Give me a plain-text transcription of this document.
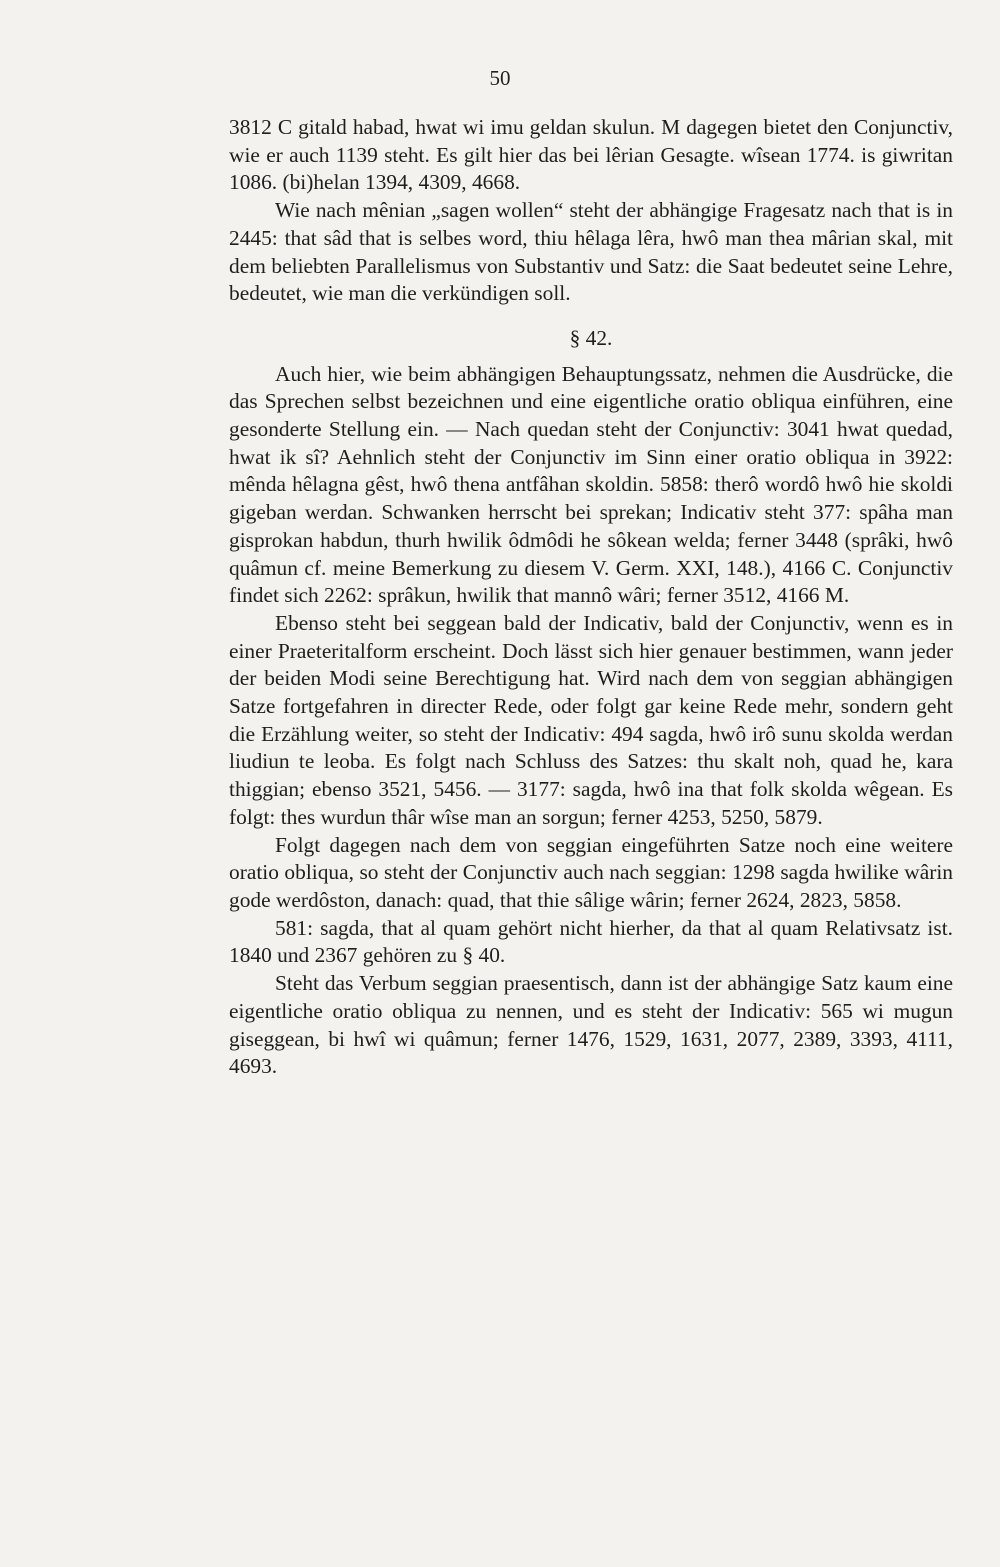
50

3812 C gitald habad, hwat wi imu geldan skulun. M dagegen bietet den Conjunctiv, wie er auch 1139 steht. Es gilt hier das bei lêrian Gesagte. wîsean 1774. is giwritan 1086. (bi)helan 1394, 4309, 4668.

Wie nach mênian „sagen wollen“ steht der abhängige Fragesatz nach that is in 2445: that sâd that is selbes word, thiu hêlaga lêra, hwô man thea mârian skal, mit dem beliebten Parallelismus von Substantiv und Satz: die Saat bedeutet seine Lehre, bedeutet, wie man die verkündigen soll.

§ 42.

Auch hier, wie beim abhängigen Behauptungssatz, nehmen die Ausdrücke, die das Sprechen selbst bezeichnen und eine eigentliche oratio obliqua einführen, eine gesonderte Stellung ein. — Nach quedan steht der Conjunctiv: 3041 hwat quedad, hwat ik sî? Aehnlich steht der Conjunctiv im Sinn einer oratio obliqua in 3922: mênda hêlagna gêst, hwô thena antfâhan skoldin. 5858: therô wordô hwô hie skoldi gigeban werdan. Schwanken herrscht bei sprekan; Indicativ steht 377: spâha man gisprokan habdun, thurh hwilik ôdmôdi he sôkean welda; ferner 3448 (sprâki, hwô quâmun cf. meine Bemerkung zu diesem V. Germ. XXI, 148.), 4166 C. Conjunctiv findet sich 2262: sprâkun, hwilik that mannô wâri; ferner 3512, 4166 M.

Ebenso steht bei seggean bald der Indicativ, bald der Conjunctiv, wenn es in einer Praeteritalform erscheint. Doch lässt sich hier genauer bestimmen, wann jeder der beiden Modi seine Berechtigung hat. Wird nach dem von seggian abhängigen Satze fortgefahren in directer Rede, oder folgt gar keine Rede mehr, sondern geht die Erzählung weiter, so steht der Indicativ: 494 sagda, hwô irô sunu skolda werdan liudiun te leoba. Es folgt nach Schluss des Satzes: thu skalt noh, quad he, kara thiggian; ebenso 3521, 5456. — 3177: sagda, hwô ina that folk skolda wêgean. Es folgt: thes wurdun thâr wîse man an sorgun; ferner 4253, 5250, 5879.

Folgt dagegen nach dem von seggian eingeführten Satze noch eine weitere oratio obliqua, so steht der Conjunctiv auch nach seggian: 1298 sagda hwilike wârin gode werdôston, danach: quad, that thie sâlige wârin; ferner 2624, 2823, 5858.

581: sagda, that al quam gehört nicht hierher, da that al quam Relativsatz ist. 1840 und 2367 gehören zu § 40.

Steht das Verbum seggian praesentisch, dann ist der abhängige Satz kaum eine eigentliche oratio obliqua zu nennen, und es steht der Indicativ: 565 wi mugun giseggean, bi hwî wi quâmun; ferner 1476, 1529, 1631, 2077, 2389, 3393, 4111, 4693.
